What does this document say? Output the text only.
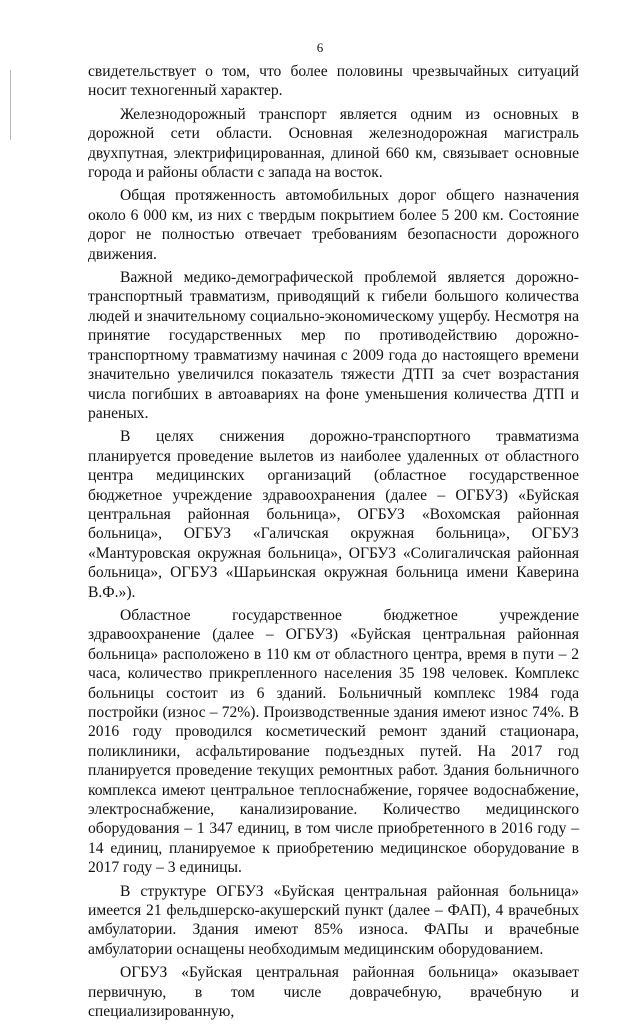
6

свидетельствует о том, что более половины чрезвычайных ситуаций носит техногенный характер.

Железнодорожный транспорт является одним из основных в дорожной сети области. Основная железнодорожная магистраль двухпутная, электрифицированная, длиной 660 км, связывает основные города и районы области с запада на восток.

Общая протяженность автомобильных дорог общего назначения около 6 000 км, из них с твердым покрытием более 5 200 км. Состояние дорог не полностью отвечает требованиям безопасности дорожного движения.

Важной медико-демографической проблемой является дорожно-транспортный травматизм, приводящий к гибели большого количества людей и значительному социально-экономическому ущербу. Несмотря на принятие государственных мер по противодействию дорожно-транспортному травматизму начиная с 2009 года до настоящего времени значительно увеличился показатель тяжести ДТП за счет возрастания числа погибших в автоавариях на фоне уменьшения количества ДТП и раненых.

В целях снижения дорожно-транспортного травматизма планируется проведение вылетов из наиболее удаленных от областного центра медицинских организаций (областное государственное бюджетное учреждение здравоохранения (далее – ОГБУЗ) «Буйская центральная районная больница», ОГБУЗ «Вохомская районная больница», ОГБУЗ «Галичская окружная больница», ОГБУЗ «Мантуровская окружная больница», ОГБУЗ «Солигаличская районная больница», ОГБУЗ «Шарьинская окружная больница имени Каверина В.Ф.»).

Областное государственное бюджетное учреждение здравоохранение (далее – ОГБУЗ) «Буйская центральная районная больница» расположено в 110 км от областного центра, время в пути – 2 часа, количество прикрепленного населения 35 198 человек. Комплекс больницы состоит из 6 зданий. Больничный комплекс 1984 года постройки (износ – 72%). Производственные здания имеют износ 74%. В 2016 году проводился косметический ремонт зданий стационара, поликлиники, асфальтирование подъездных путей. На 2017 год планируется проведение текущих ремонтных работ. Здания больничного комплекса имеют центральное теплоснабжение, горячее водоснабжение, электроснабжение, канализирование. Количество медицинского оборудования – 1 347 единиц, в том числе приобретенного в 2016 году – 14 единиц, планируемое к приобретению медицинское оборудование в 2017 году – 3 единицы.

В структуре ОГБУЗ «Буйская центральная районная больница» имеется 21 фельдшерско-акушерский пункт (далее – ФАП), 4 врачебных амбулатории. Здания имеют 85% износа. ФАПы и врачебные амбулатории оснащены необходимым медицинским оборудованием.

ОГБУЗ «Буйская центральная районная больница» оказывает первичную, в том числе доврачебную, врачебную и специализированную,
